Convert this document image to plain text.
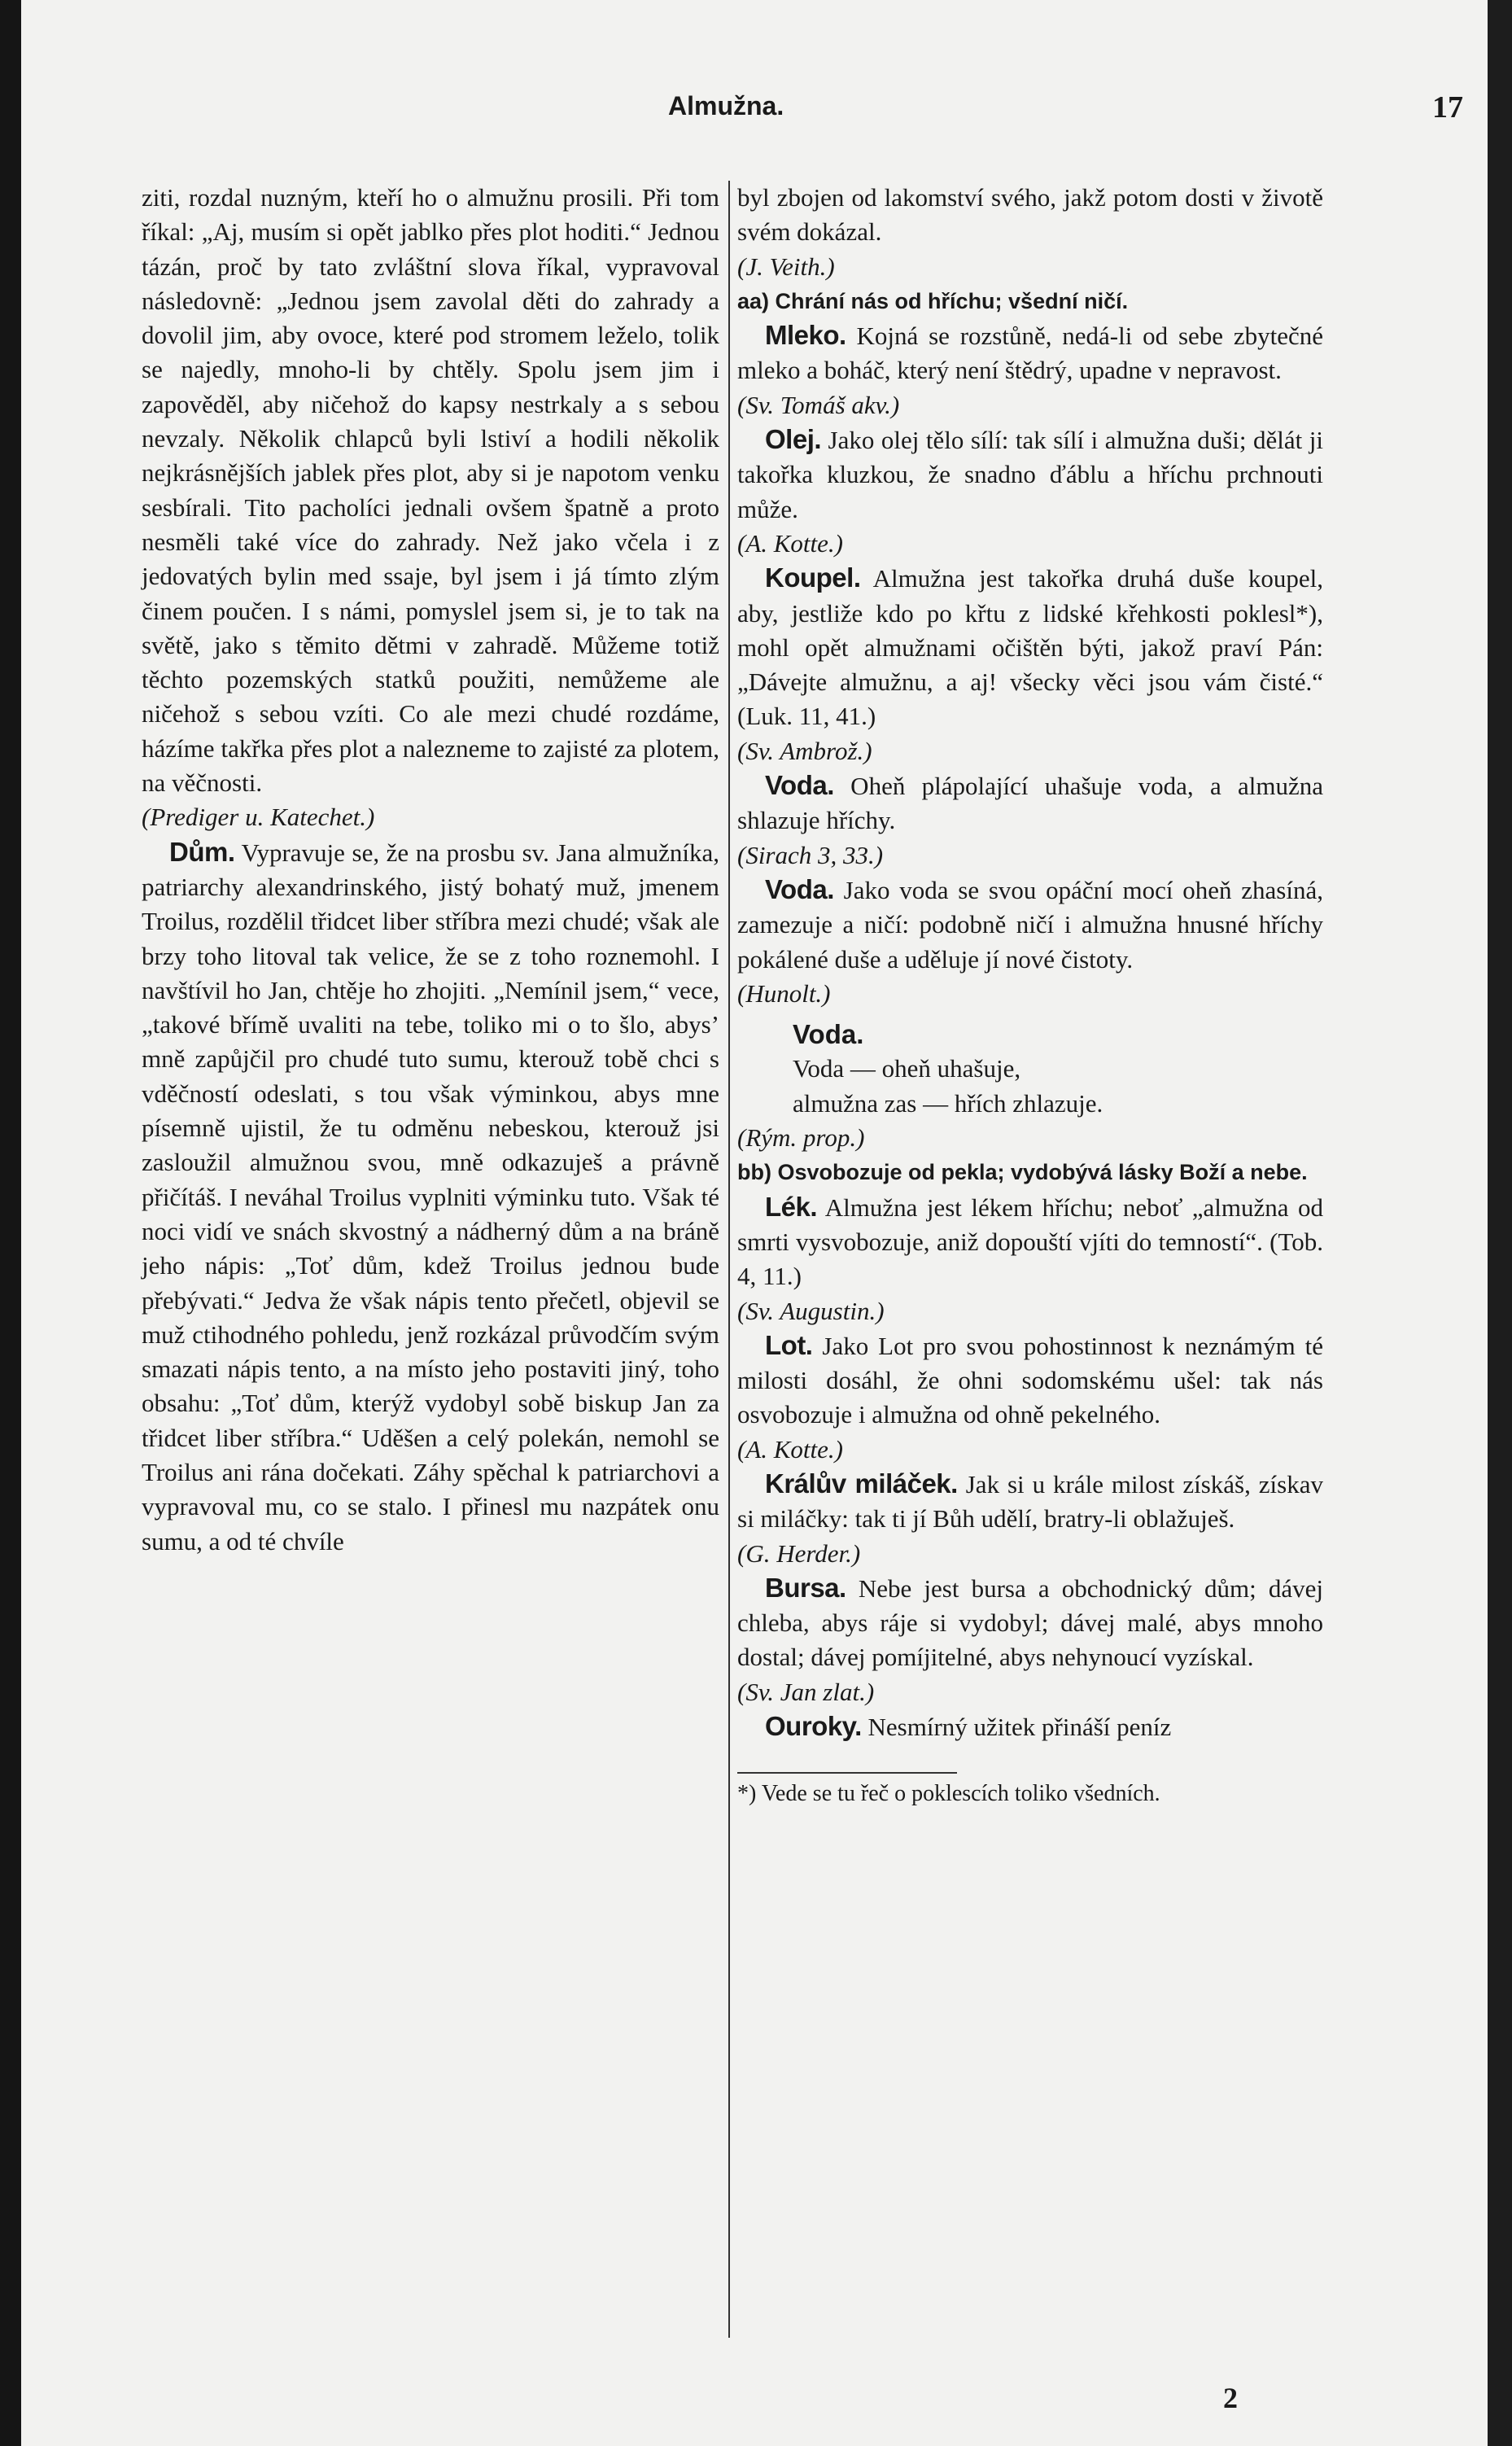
Almužna.	17

ziti, rozdal nuzným, kteří ho o almužnu prosili. Při tom říkal: „Aj, musím si opět jablko přes plot hoditi.“ Jednou tázán, proč by tato zvláštní slova říkal, vypravoval následovně: „Jednou jsem zavolal děti do zahrady a dovolil jim, aby ovoce, které pod stromem leželo, tolik se najedly, mnoho-li by chtěly. Spolu jsem jim i zapověděl, aby ničehož do kapsy nestrkaly a s sebou nevzaly. Několik chlapců byli lstiví a hodili několik nejkrásnějších jablek přes plot, aby si je napotom venku sesbírali. Tito pacholíci jednali ovšem špatně a proto nesměli také více do zahrady. Než jako včela i z jedovatých bylin med ssaje, byl jsem i já tímto zlým činem poučen. I s námi, pomyslel jsem si, je to tak na světě, jako s těmito dětmi v zahradě. Můžeme totiž těchto pozemských statků použiti, nemůžeme ale ničehož s sebou vzíti. Co ale mezi chudé rozdáme, házíme takřka přes plot a nalezneme to zajisté za plotem, na věčnosti.

(Prediger u. Katechet.)

Dům. Vypravuje se, že na prosbu sv. Jana almužníka, patriarchy alexandrinského, jistý bohatý muž, jmenem Troilus, rozdělil třidcet liber stříbra mezi chudé; však ale brzy toho litoval tak velice, že se z toho roznemohl. I navštívil ho Jan, chtěje ho zhojiti. „Nemínil jsem,“ vece, „takové břímě uvaliti na tebe, toliko mi o to šlo, abys’ mně zapůjčil pro chudé tuto sumu, kterouž tobě chci s vděčností odeslati, s tou však výminkou, abys mne písemně ujistil, že tu odměnu nebeskou, kterouž jsi zasloužil almužnou svou, mně odkazuješ a právně přičítáš. I neváhal Troilus vyplniti výminku tuto. Však té noci vidí ve snách skvostný a nádherný dům a na bráně jeho nápis: „Toť dům, kdež Troilus jednou bude přebývati.“ Jedva že však nápis tento přečetl, objevil se muž ctihodného pohledu, jenž rozkázal průvodčím svým smazati nápis tento, a na místo jeho postaviti jiný, toho obsahu: „Toť dům, kterýž vydobyl sobě biskup Jan za třidcet liber stříbra.“ Uděšen a celý polekán, nemohl se Troilus ani rána dočekati. Záhy spěchal k patriarchovi a vypravoval mu, co se stalo. I přinesl mu nazpátek onu sumu, a od té chvíle

byl zbojen od lakomství svého, jakž potom dosti v životě svém dokázal.

(J. Veith.)

aa) Chrání nás od hříchu; všední ničí.

Mleko. Kojná se rozstůně, nedá-li od sebe zbytečné mleko a boháč, který není štědrý, upadne v nepravost.

(Sv. Tomáš akv.)

Olej. Jako olej tělo sílí: tak sílí i almužna duši; dělát ji takořka kluzkou, že snadno ďáblu a hříchu prchnouti může.

(A. Kotte.)

Koupel. Almužna jest takořka druhá duše koupel, aby, jestliže kdo po křtu z lidské křehkosti poklesl*), mohl opět almužnami očištěn býti, jakož praví Pán: „Dávejte almužnu, a aj! všecky věci jsou vám čisté.“ (Luk. 11, 41.)

(Sv. Ambrož.)

Voda. Oheň plápolající uhašuje voda, a almužna shlazuje hříchy.

(Sirach 3, 33.)

Voda. Jako voda se svou opáční mocí oheň zhasíná, zamezuje a ničí: podobně ničí i almužna hnusné hříchy pokálené duše a uděluje jí nové čistoty.

(Hunolt.)

Voda.

Voda — oheň uhašuje,

almužna zas — hřích zhlazuje.

(Rým. prop.)

bb) Osvobozuje od pekla; vydobývá lásky Boží a nebe.

Lék. Almužna jest lékem hříchu; neboť „almužna od smrti vysvobozuje, aniž dopouští vjíti do temností“. (Tob. 4, 11.)

(Sv. Augustin.)

Lot. Jako Lot pro svou pohostinnost k neznámým té milosti dosáhl, že ohni sodomskému ušel: tak nás osvobozuje i almužna od ohně pekelného.

(A. Kotte.)

Králův miláček. Jak si u krále milost získáš, získav si miláčky: tak ti jí Bůh udělí, bratry-li oblažuješ.

(G. Herder.)

Bursa. Nebe jest bursa a obchodnický dům; dávej chleba, abys ráje si vydobyl; dávej malé, abys mnoho dostal; dávej pomíjitelné, abys nehynoucí vyzískal.

(Sv. Jan zlat.)

Ouroky. Nesmírný užitek přináší peníz

*) Vede se tu řeč o poklescích toliko všedních.

2
